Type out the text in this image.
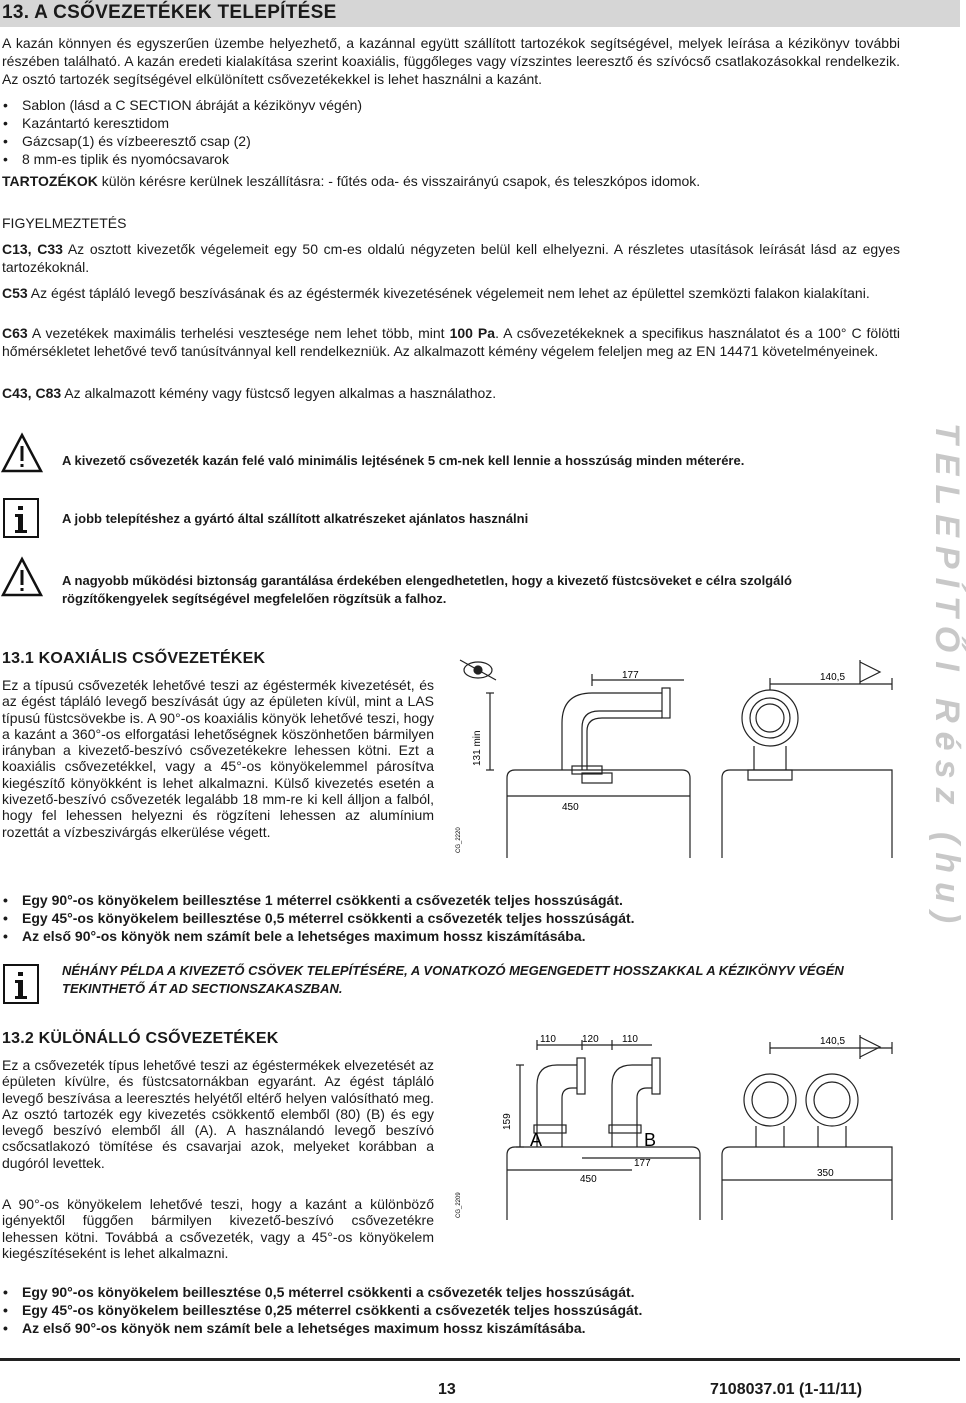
13. A CSŐVEZETÉKEK TELEPÍTÉSE

A kazán könnyen és egyszerűen üzembe helyezhető, a kazánnal együtt szállított tartozékok segítségével, melyek leírása a kézikönyv további részében található. A kazán eredeti kialakítása szerint koaxiális, függőleges vagy vízszintes leeresztő és szívócső csatlakozásokkal rendelkezik. Az osztó tartozék segítségével elkülönített csővezetékekkel is lehet használni a kazánt.

• Sablon (lásd a C SECTION ábráját a kézikönyv végén)
• Kazántartó keresztidom
• Gázcsap(1) és vízbeeresztő csap (2)
• 8 mm-es tiplik és nyomócsavarok

TARTOZÉKOK külön kérésre kerülnek leszállításra: - fűtés oda- és visszairányú csapok, és teleszkópos idomok.

FIGYELMEZTETÉS

C13, C33 Az osztott kivezetők végelemeit egy 50 cm-es oldalú négyzeten belül kell elhelyezni. A részletes utasítások leírását lásd az egyes tartozékoknál.

C53 Az égést tápláló levegő beszívásának és az égéstermék kivezetésének végelemeit nem lehet az épülettel szemközti falakon kialakítani.

C63 A vezetékek maximális terhelési vesztesége nem lehet több, mint 100 Pa. A csővezetékeknek a specifikus használatot és a 100° C fölötti hőmérsékletet lehetővé tevő tanúsítvánnyal kell rendelkezniük. Az alkalmazott kémény végelem feleljen meg az EN 14471 követelményeinek.

C43, C83 Az alkalmazott kémény vagy füstcső legyen alkalmas a használathoz.

A kivezető csővezeték kazán felé való minimális lejtésének 5 cm-nek kell lennie a hosszúság minden méterére.
A jobb telepítéshez a gyártó által szállított alkatrészeket ajánlatos használni
A nagyobb működési biztonság garantálása érdekében elengedhetetlen, hogy a kivezető füstcsöveket e célra szolgáló rögzítőkengyelek segítségével megfelelően rögzítsük a falhoz.	TELEPÍTŐI Rész (hu)
13.1 KOAXIÁLIS CSŐVEZETÉKEK

Ez a típusú csővezeték lehetővé teszi az égéstermék kivezetését, és az égést tápláló levegő beszívását úgy az épületen kívül, mint a LAS típusú füstcsövekbe is. A 90°-os koaxiális könyök lehetővé teszi, hogy a kazánt a 360°-os elforgatási lehetőségnek köszönhetően bármilyen irányban a kivezető-beszívó csővezetékekre lehessen kötni. Ezt a koaxiális csővezetékkel, vagy a 45°-os könyökelemmel párosítva kiegészítő könyökként is lehet alkalmazni. Külső kivezetés esetén a kivezető-beszívó csővezeték legalább 18 mm-re ki kell álljon a falból, hogy fel lehessen helyezni és rögzíteni lehessen az alumínium rozettát a vízbeszivárgás elkerülése végett.

177	140,5
131 min
450
CG_2220
• Egy 90°-os könyökelem beillesztése 1 méterrel csökkenti a csővezeték teljes hosszúságát.
• Egy 45°-os könyökelem beillesztése 0,5 méterrel csökkenti a csővezeték teljes hosszúságát.
• Az első 90°-os könyök nem számít bele a lehetséges maximum hossz kiszámításába.
NÉHÁNY PÉLDA A KIVEZETŐ CSÖVEK TELEPÍTÉSÉRE, A VONATKOZÓ MEGENGEDETT HOSSZAKKAL A KÉZIKÖNYV VÉGÉN TEKINTHETŐ ÁT AD SECTIONSZAKASZBAN.
13.2 KÜLÖNÁLLÓ CSŐVEZETÉKEK

Ez a csővezeték típus lehetővé teszi az égéstermékek elvezetését az épületen kívülre, és füstcsatornákban egyaránt. Az égést tápláló levegő beszívása a leeresztés helyétől eltérő helyen valósítható meg. Az osztó tartozék egy kivezetés csökkentő elemből (80) (B) és egy levegő beszívó elemből áll (A). A használandó levegő beszívó csőcsatlakozó tömítése és csavarjai azok, melyeket korábban a dugóról levettek.

A 90°-os könyökelem lehetővé teszi, hogy a kazánt a különböző igényektől függően bármilyen kivezető-beszívó csővezetékre lehessen kötni. Továbbá a csővezeték, vagy a 45°-os könyökelem kiegészítéseként is lehet alkalmazni.

110	120 110	140,5
159
A	B
450
177
350
CG_2209
• Egy 90°-os könyökelem beillesztése 0,5 méterrel csökkenti a csővezeték teljes hosszúságát.
• Egy 45°-os könyökelem beillesztése 0,25 méterrel csökkenti a csővezeték teljes hosszúságát.
• Az első 90°-os könyök nem számít bele a lehetséges maximum hossz kiszámításába.
13	7108037.01 (1-11/11)
